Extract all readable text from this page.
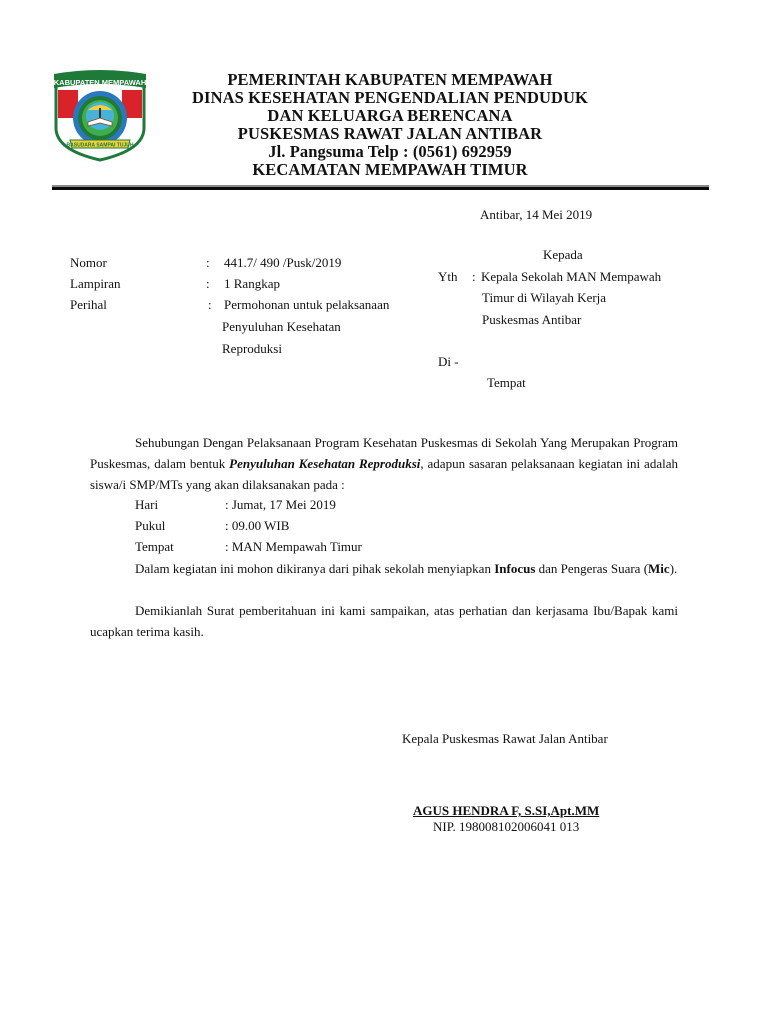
KABUPATEN MEMPAWAH
BASUDARA SAMPAI TUJUH
PEMERINTAH KABUPATEN MEMPAWAH
DINAS KESEHATAN PENGENDALIAN PENDUDUK
DAN KELUARGA BERENCANA
PUSKESMAS RAWAT JALAN ANTIBAR
Jl. Pangsuma Telp : (0561) 692959
KECAMATAN MEMPAWAH TIMUR
Antibar, 14 Mei 2019
Nomor	: 441.7/ 490 /Pusk/2019
Lampiran	: 1 Rangkap
Perihal	: Permohonan untuk pelaksanaan
Penyuluhan Kesehatan
Reproduksi
Kepada
Yth : Kepala Sekolah MAN Mempawah
Timur di Wilayah Kerja
Puskesmas Antibar
Di -
Tempat
Sehubungan Dengan Pelaksanaan Program Kesehatan Puskesmas di Sekolah Yang Merupakan Program Puskesmas, dalam bentuk Penyuluhan Kesehatan Reproduksi, adapun sasaran pelaksanaan kegiatan ini adalah siswa/i SMP/MTs yang akan dilaksanakan pada :
Hari	: Jumat, 17 Mei 2019
Pukul	: 09.00 WIB
Tempat	: MAN Mempawah Timur
Dalam kegiatan ini mohon dikiranya dari pihak sekolah menyiapkan Infocus dan Pengeras Suara (Mic).
Demikianlah Surat pemberitahuan ini kami sampaikan, atas perhatian dan kerjasama Ibu/Bapak kami ucapkan terima kasih.
Kepala Puskesmas Rawat Jalan Antibar
AGUS HENDRA F, S.SI,Apt.MM
NIP. 198008102006041 013
